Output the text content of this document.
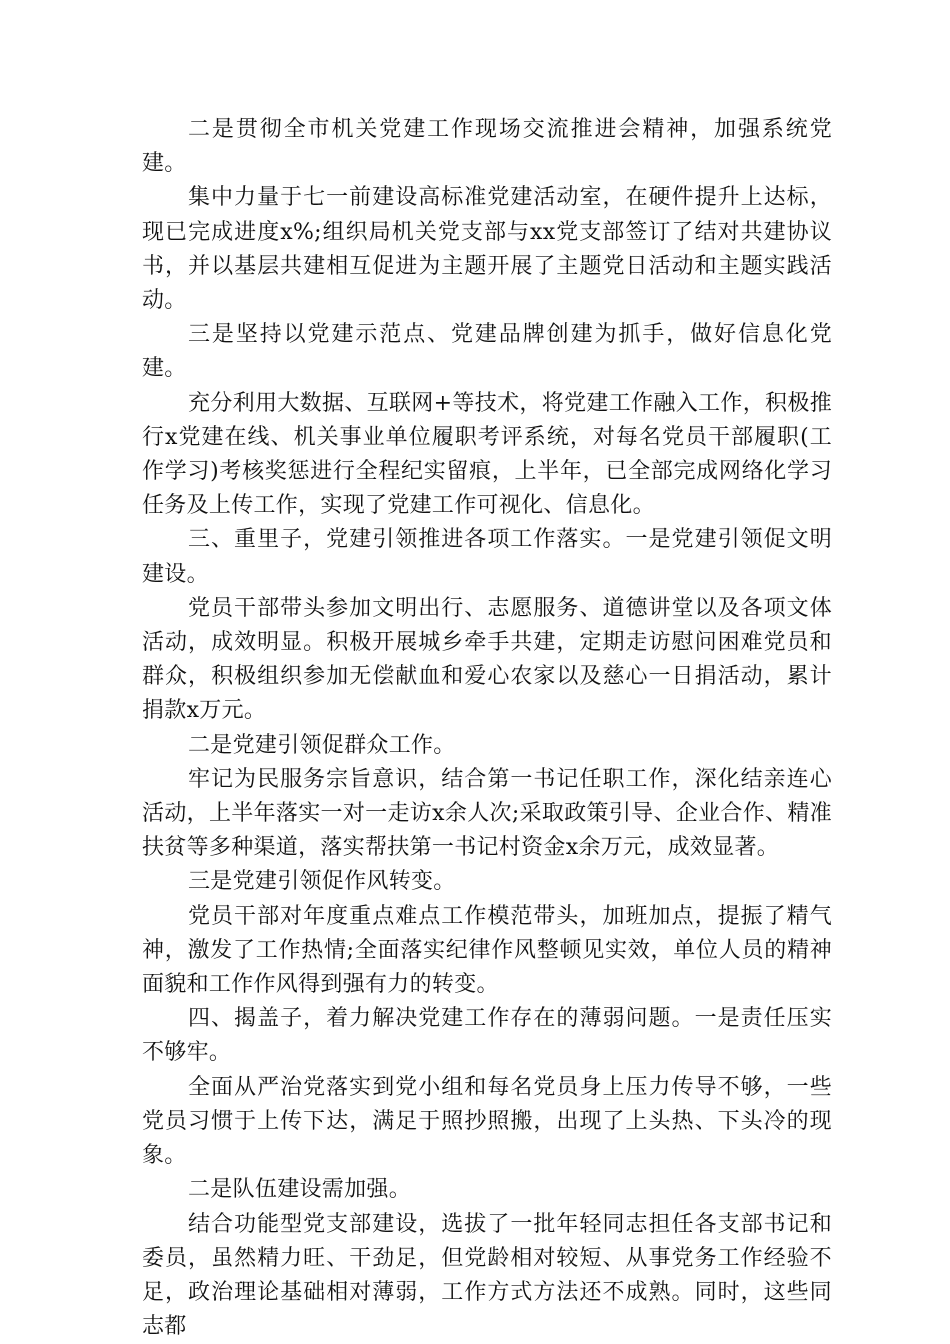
二是贯彻全市机关党建工作现场交流推进会精神，加强系统党建。

集中力量于七一前建设高标准党建活动室，在硬件提升上达标，现已完成进度x%;组织局机关党支部与xx党支部签订了结对共建协议书，并以基层共建相互促进为主题开展了主题党日活动和主题实践活动。

三是坚持以党建示范点、党建品牌创建为抓手，做好信息化党建。

充分利用大数据、互联网+等技术，将党建工作融入工作，积极推行x党建在线、机关事业单位履职考评系统，对每名党员干部履职(工作学习)考核奖惩进行全程纪实留痕，上半年，已全部完成网络化学习任务及上传工作，实现了党建工作可视化、信息化。

三、重里子，党建引领推进各项工作落实。一是党建引领促文明建设。

党员干部带头参加文明出行、志愿服务、道德讲堂以及各项文体活动，成效明显。积极开展城乡牵手共建，定期走访慰问困难党员和群众，积极组织参加无偿献血和爱心农家以及慈心一日捐活动，累计捐款x万元。

二是党建引领促群众工作。

牢记为民服务宗旨意识，结合第一书记任职工作，深化结亲连心活动，上半年落实一对一走访x余人次;采取政策引导、企业合作、精准扶贫等多种渠道，落实帮扶第一书记村资金x余万元，成效显著。

三是党建引领促作风转变。

党员干部对年度重点难点工作模范带头，加班加点，提振了精气神，激发了工作热情;全面落实纪律作风整顿见实效，单位人员的精神面貌和工作作风得到强有力的转变。

四、揭盖子，着力解决党建工作存在的薄弱问题。一是责任压实不够牢。

全面从严治党落实到党小组和每名党员身上压力传导不够，一些党员习惯于上传下达，满足于照抄照搬，出现了上头热、下头冷的现象。

二是队伍建设需加强。

结合功能型党支部建设，选拔了一批年轻同志担任各支部书记和委员，虽然精力旺、干劲足，但党龄相对较短、从事党务工作经验不足，政治理论基础相对薄弱，工作方式方法还不成熟。同时，这些同志都
